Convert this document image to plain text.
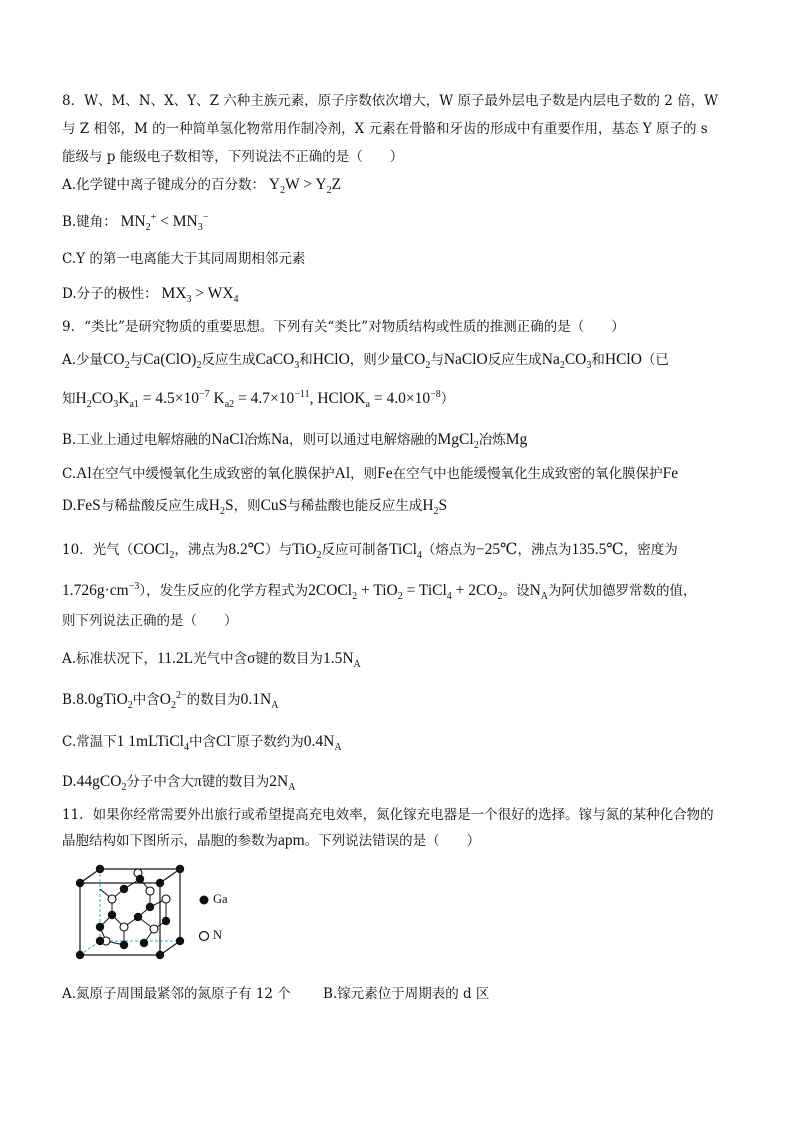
8．W、M、N、X、Y、Z 六种主族元素，原子序数依次增大，W 原子最外层电子数是内层电子数的 2 倍，W
与 Z 相邻，M 的一种简单氢化物常用作制冷剂，X 元素在骨骼和牙齿的形成中有重要作用，基态 Y 原子的 s
能级与 p 能级电子数相等，下列说法不正确的是（　　）
A.化学键中离子键成分的百分数： $Y_2W > Y_2Z$
B.键角： $MN_2^+ < MN_3^-$
C.Y 的第一电离能大于其同周期相邻元素
D.分子的极性： $MX_3 > WX_4$
9．“类比”是研究物质的重要思想。下列有关“类比”对物质结构或性质的推测正确的是（　　）
A.少量$CO_2$与$Ca(ClO)_2$反应生成CaCO$_3$和HClO，则少量$CO_2$与NaClO反应生成$Na_2CO_3$和HClO（已
知$H_2CO_3K_{a1} = 4.5\times 10^{-7}$ $K_{a2} = 4.7\times 10^{-11}$, HClOK$_a$ = $4.0\times 10^{-8}$）
B.工业上通过电解熔融的NaCl冶炼Na，则可以通过电解熔融的MgCl$_2$冶炼Mg
C.Al在空气中缓慢氧化生成致密的氧化膜保护Al，则Fe在空气中也能缓慢氧化生成致密的氧化膜保护Fe
D.FeS与稀盐酸反应生成$H_2S$，则CuS与稀盐酸也能反应生成$H_2S$
10．光气（COCl$_2$，沸点为8.2℃）与TiO$_2$反应可制备TiCl$_4$（熔点为−25℃，沸点为135.5℃，密度为
$1.726g\cdot cm^{-3}$），发生反应的化学方程式为2COCl$_2$ + TiO$_2$ = TiCl$_4$ + $2CO_2$。设$N_A$为阿伏加德罗常数的值，
则下列说法正确的是（　　）
A.标准状况下，11.2L光气中含σ键的数目为$1.5N_A$
B.8.0gTiO$_2$中含$O_2^{2-}$的数目为$0.1N_A$
C.常温下1 1mLTiCl$_4$中含Cl−原子数约为$0.4N_A$
D.44gCO$_2$分子中含大π键的数目为$2N_A$
11．如果你经常需要外出旅行或希望提高充电效率，氮化镓充电器是一个很好的选择。镓与氮的某种化合物的
晶胞结构如下图所示，晶胞的参数为apm。下列说法错误的是（　　）
Ga
N
A.氮原子周围最紧邻的氮原子有 12 个 B.镓元素位于周期表的 d 区
